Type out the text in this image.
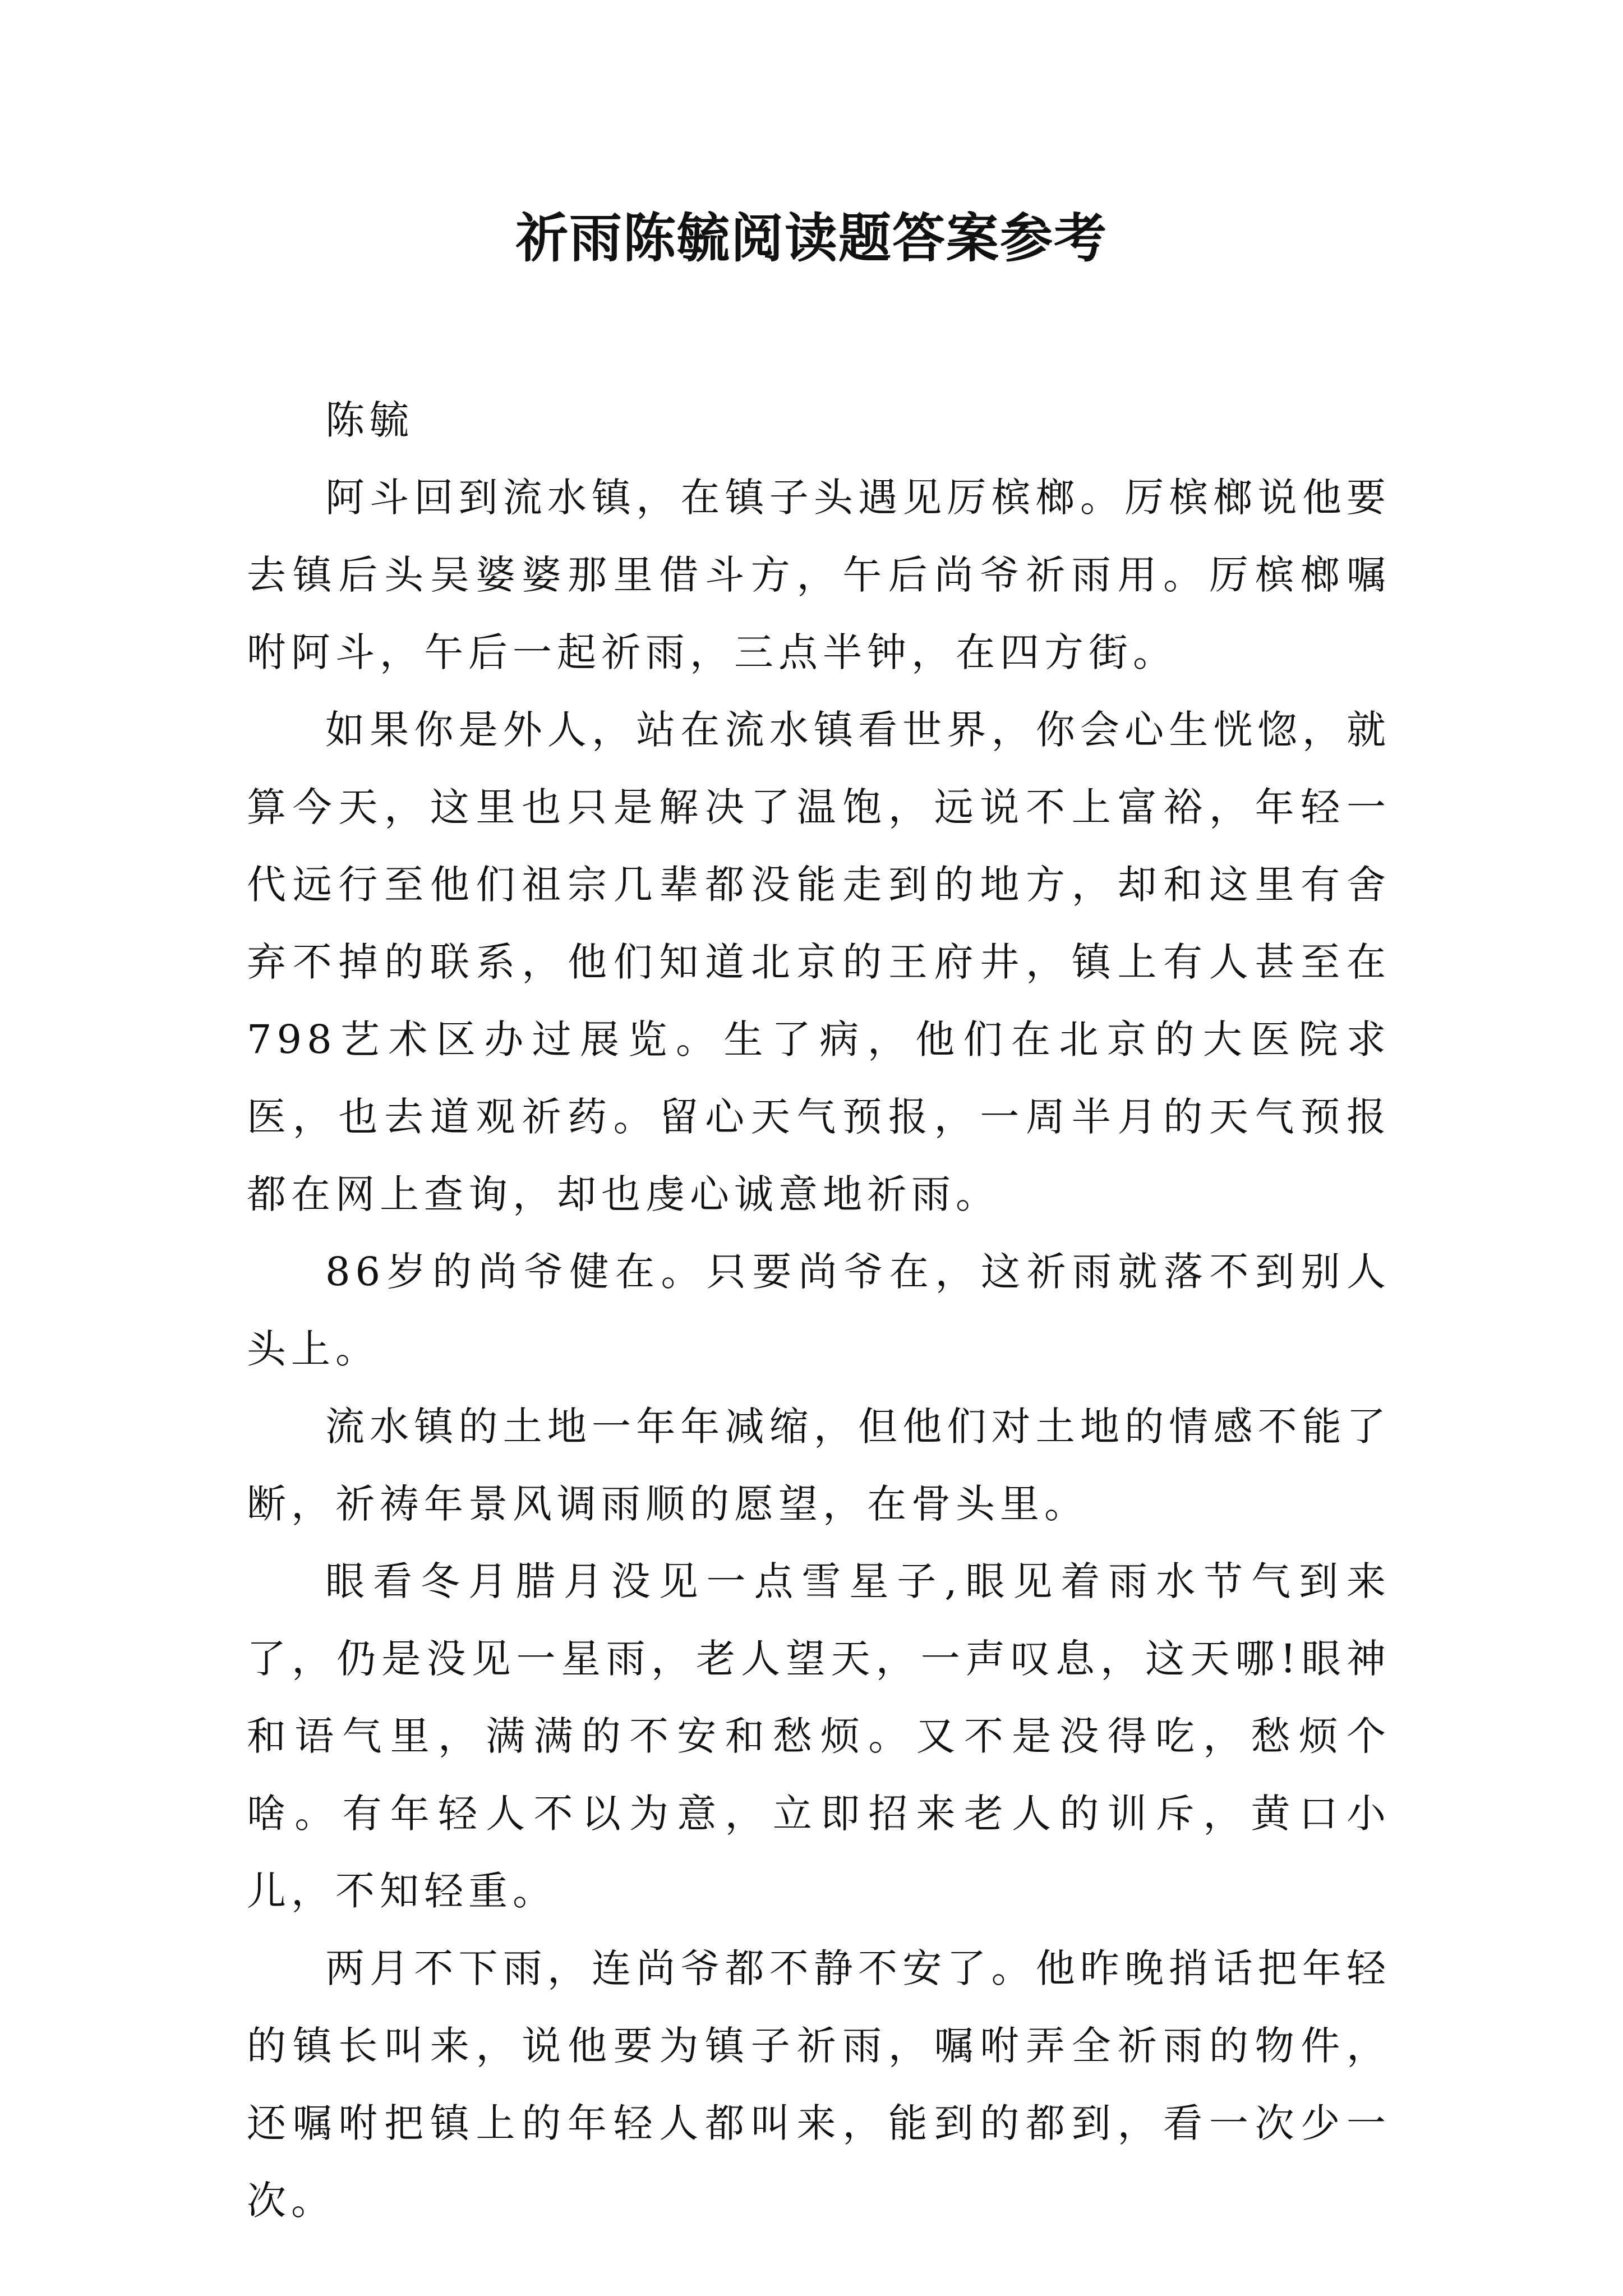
祈雨陈毓阅读题答案参考

陈毓

阿斗回到流水镇，在镇子头遇见厉槟榔。厉槟榔说他要去镇后头吴婆婆那里借斗方，午后尚爷祈雨用。厉槟榔嘱咐阿斗，午后一起祈雨，三点半钟，在四方街。

如果你是外人，站在流水镇看世界，你会心生恍惚，就算今天，这里也只是解决了温饱，远说不上富裕，年轻一代远行至他们祖宗几辈都没能走到的地方，却和这里有舍弃不掉的联系，他们知道北京的王府井，镇上有人甚至在798艺术区办过展览。生了病，他们在北京的大医院求医，也去道观祈药。留心天气预报，一周半月的天气预报都在网上查询，却也虔心诚意地祈雨。

86岁的尚爷健在。只要尚爷在，这祈雨就落不到别人头上。

流水镇的土地一年年减缩，但他们对土地的情感不能了断，祈祷年景风调雨顺的愿望，在骨头里。

眼看冬月腊月没见一点雪星子,眼见着雨水节气到来了，仍是没见一星雨，老人望天，一声叹息，这天哪!眼神和语气里，满满的不安和愁烦。又不是没得吃，愁烦个啥。有年轻人不以为意，立即招来老人的训斥，黄口小儿，不知轻重。

两月不下雨，连尚爷都不静不安了。他昨晚捎话把年轻的镇长叫来，说他要为镇子祈雨，嘱咐弄全祈雨的物件，还嘱咐把镇上的年轻人都叫来，能到的都到，看一次少一次。
